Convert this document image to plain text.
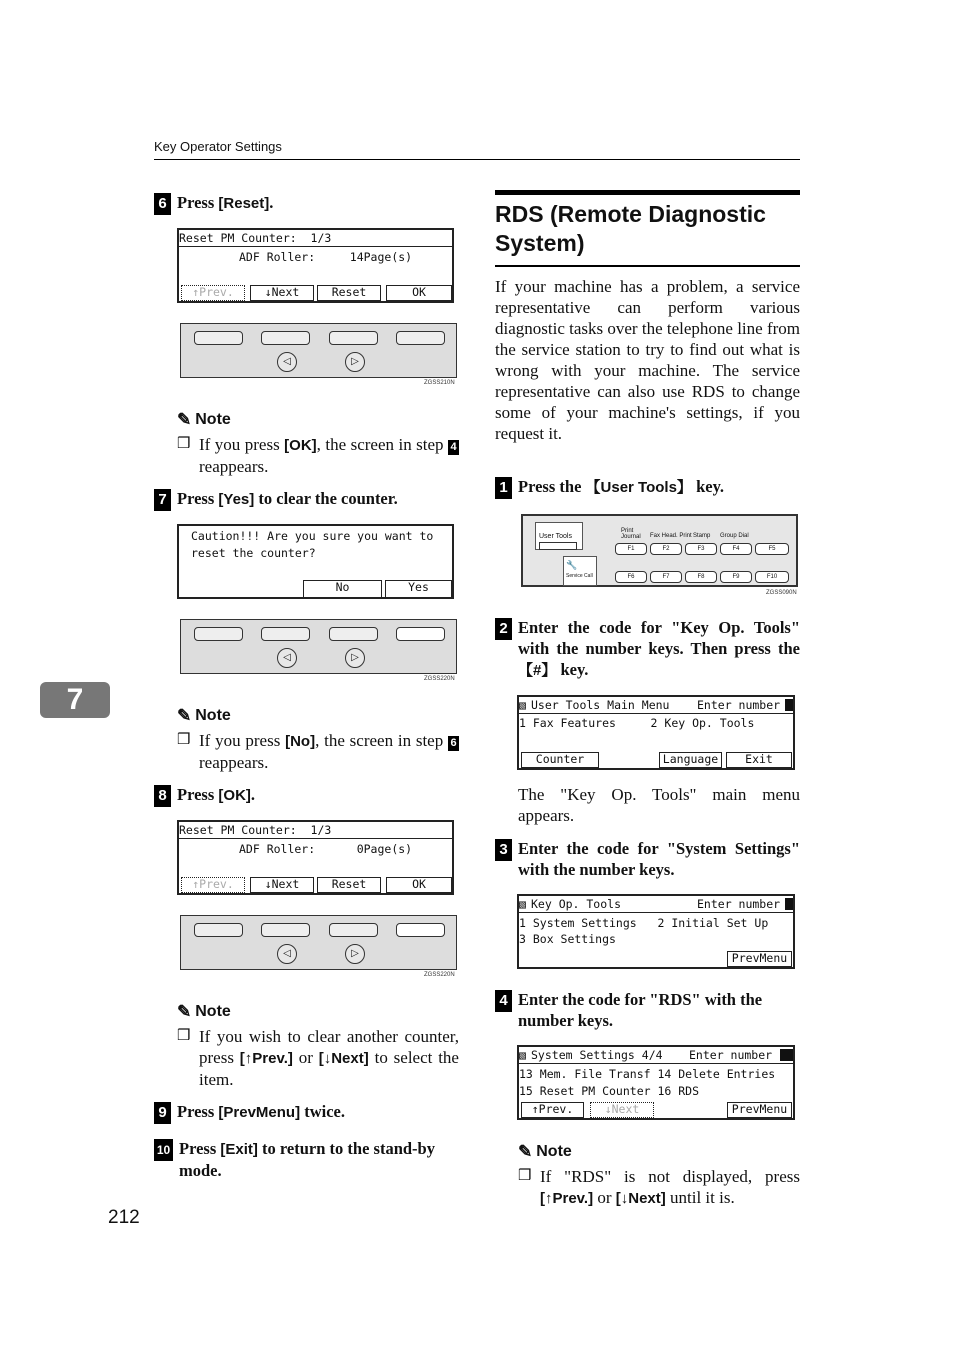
Key Operator Settings
7
212
6 Press [Reset].
Reset PM Counter:  1/3
ADF Roller:     14Page(s)
↑Prev.	↓Next	Reset	OK
◁	▷
ZGSS210N
✎ Note
❒ If you press [OK], the screen in step 4 reappears.
7 Press [Yes] to clear the counter.
Caution!!! Are you sure you want to
reset the counter?
No	Yes
◁	▷
ZGSS220N
✎ Note
❒ If you press [No], the screen in step 6 reappears.
8 Press [OK].
Reset PM Counter:  1/3
ADF Roller:      0Page(s)
↑Prev.	↓Next	Reset	OK
◁	▷
ZGSS220N
✎ Note
❒ If you wish to clear another counter, press [↑Prev.] or [↓Next] to select the item.
9 Press [PrevMenu] twice.
10 Press [Exit] to return to the stand-by mode.
RDS (Remote Diagnostic System)
If your machine has a problem, a service representative can perform various diagnostic tasks over the telephone line from the service station to try to find out what is wrong with your machine. The service representative can also use RDS to change some of your machine's settings, if you request it.
1 Press the 【User Tools】 key.
User Tools
🔧
Service Call
Print Journal	Fax Head. Print Stamp Group Dial
F1	F2	F3	F4	F5
F6	F7	F8	F9	F10
ZGSS090N
2 Enter the code for "Key Op. Tools" with the number keys. Then press the 【#】 key.
▧ User Tools Main Menu Enter number
1 Fax Features     2 Key Op. Tools
Counter	Language	Exit
The "Key Op. Tools" main menu appears.
3 Enter the code for "System Settings" with the number keys.
▧ Key Op. Tools	Enter number
1 System Settings   2 Initial Set Up
3 Box Settings
PrevMenu
4 Enter the code for "RDS" with the number keys.
▧ System Settings 4/4 Enter number
13 Mem. File Transf 14 Delete Entries
15 Reset PM Counter 16 RDS
↑Prev.	↓Next	PrevMenu
✎ Note
❒ If "RDS" is not displayed, press [↑Prev.] or [↓Next] until it is.
